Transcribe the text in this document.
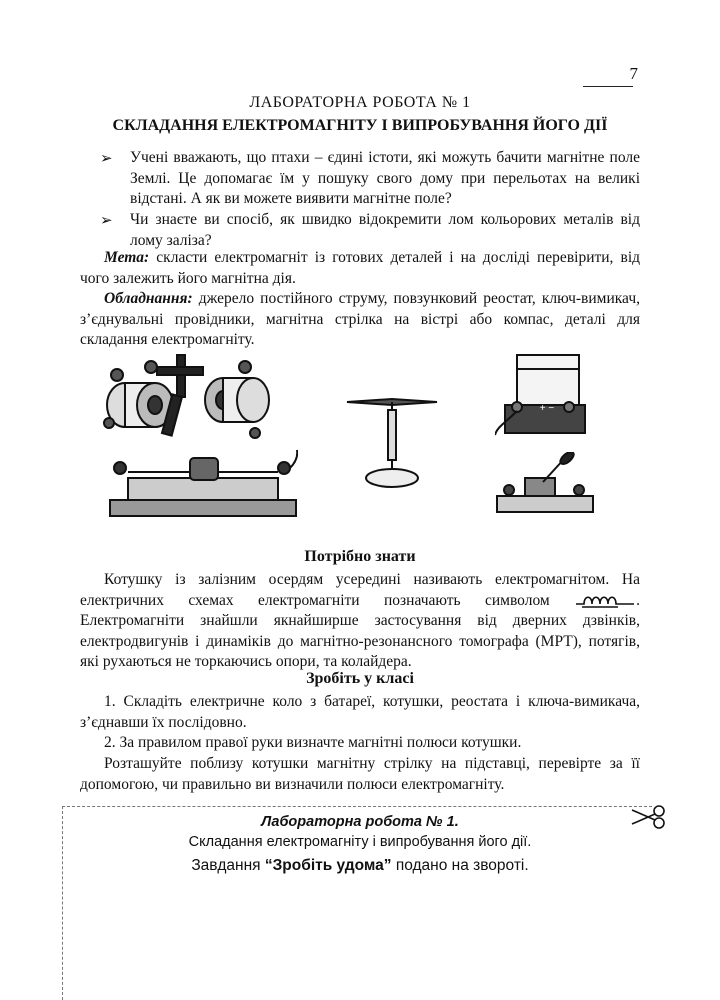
7
ЛАБОРАТОРНА РОБОТА № 1
СКЛАДАННЯ ЕЛЕКТРОМАГНІТУ І ВИПРОБУВАННЯ ЙОГО ДІЇ
➢ Учені вважають, що птахи – єдині істоти, які можуть бачити магнітне поле Землі. Це допомагає їм у пошуку свого дому при перельотах на великі відстані. А як ви можете виявити магнітне поле?
➢ Чи знаєте ви спосіб, як швидко відокремити лом кольорових металів від лому заліза?
Мета: скласти електромагніт із готових деталей і на досліді перевірити, від чого залежить його магнітна дія.
Обладнання: джерело постійного струму, повзунковий реостат, ключ-вимикач, з’єднувальні провідники, магнітна стрілка на вістрі або компас, деталі для складання електромагніту.
+ −
Потрібно знати
Котушку із залізним осердям усередині називають електромагнітом. На електричних схемах електромагніти позначають символом	. Електромагніти знайшли якнайширше застосування від дверних дзвінків, електродвигунів і динаміків до магнітно-резонансного томографа (МРТ), потягів, які рухаються не торкаючись опори, та колайдера.
Зробіть у класі
1. Складіть електричне коло з батареї, котушки, реостата і ключа-вимикача, з’єднавши їх послідовно.
2. За правилом правої руки визначте магнітні полюси котушки.
Розташуйте поблизу котушки магнітну стрілку на підставці, перевірте за її допомогою, чи правильно ви визначили полюси електромагніту.
Лабораторна робота № 1.
Складання електромагніту і випробування його дії.
Завдання “Зробіть удома” подано на звороті.
